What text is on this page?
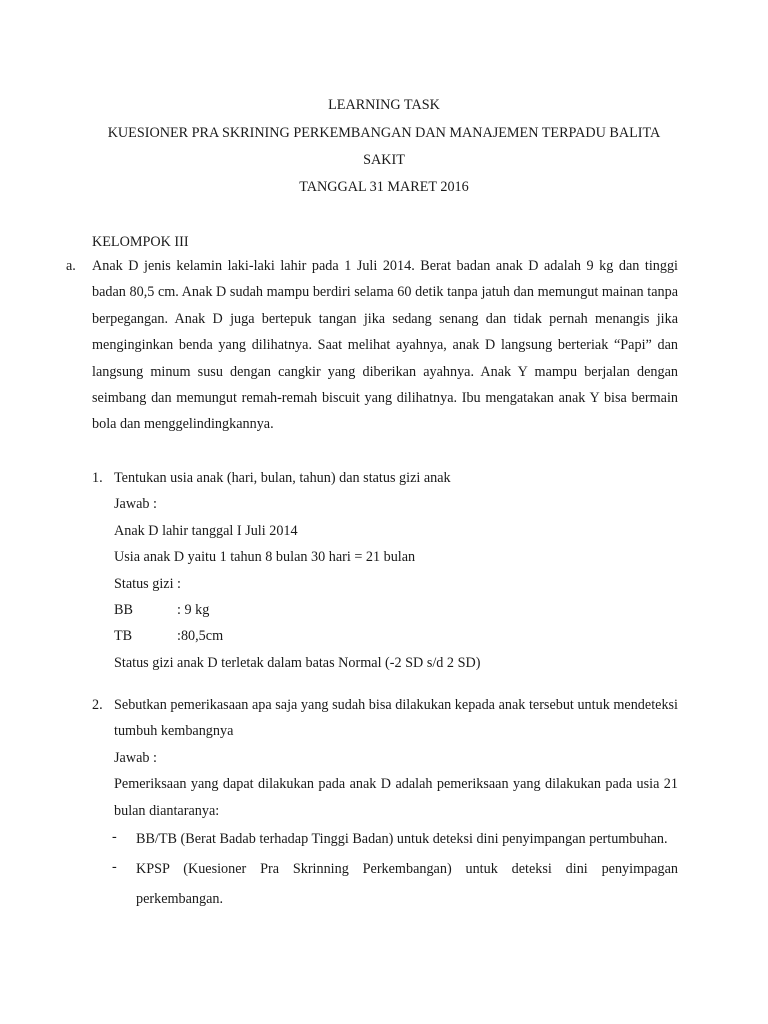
LEARNING TASK
KUESIONER PRA SKRINING PERKEMBANGAN DAN MANAJEMEN TERPADU BALITA
SAKIT
TANGGAL 31 MARET 2016
KELOMPOK III
a. Anak D jenis kelamin laki-laki lahir pada 1 Juli 2014. Berat badan anak D adalah 9 kg dan tinggi badan 80,5 cm. Anak D sudah mampu berdiri selama 60 detik tanpa jatuh dan memungut mainan tanpa berpegangan. Anak D juga bertepuk tangan jika sedang senang dan tidak pernah menangis jika menginginkan benda yang dilihatnya. Saat melihat ayahnya, anak D langsung berteriak “Papi” dan langsung minum susu dengan cangkir yang diberikan ayahnya. Anak Y mampu berjalan dengan seimbang dan memungut remah-remah biscuit yang dilihatnya. Ibu mengatakan anak Y bisa bermain bola dan menggelindingkannya.
1. Tentukan usia anak (hari, bulan, tahun) dan status gizi anak
Jawab :
Anak D lahir tanggal I Juli 2014
Usia anak D yaitu 1 tahun 8 bulan 30 hari = 21 bulan
Status gizi :
BB	: 9 kg
TB	:80,5cm
Status gizi anak D terletak dalam batas Normal (-2 SD s/d 2 SD)
2. Sebutkan pemerikasaan apa saja yang sudah bisa dilakukan kepada anak tersebut untuk mendeteksi tumbuh kembangnya
Jawab :
Pemeriksaan yang dapat dilakukan pada anak D adalah pemeriksaan yang dilakukan pada usia 21 bulan diantaranya:
- BB/TB (Berat Badab terhadap Tinggi Badan) untuk deteksi dini penyimpangan pertumbuhan.
- KPSP (Kuesioner Pra Skrinning Perkembangan) untuk deteksi dini penyimpagan perkembangan.
